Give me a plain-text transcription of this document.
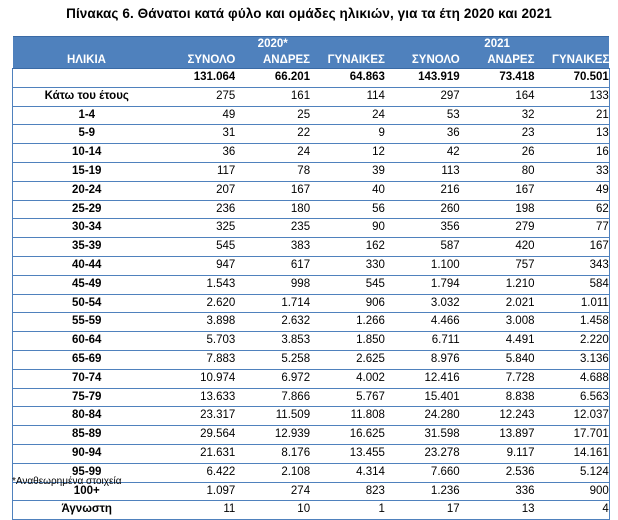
Πίνακας 6. Θάνατοι κατά φύλο και ομάδες ηλικιών, για τα έτη 2020 και 2021
	2020*			2021		
ΗΛΙΚΙΑ	ΣΥΝΟΛΟ	ΑΝΔΡΕΣ	ΓΥΝΑΙΚΕΣ	ΣΥΝΟΛΟ	ΑΝΔΡΕΣ	ΓΥΝΑΙΚΕΣ
	131.064	66.201	64.863	143.919	73.418	70.501
Κάτω του έτους	275	161	114	297	164	133
1-4	49	25	24	53	32	21
5-9	31	22	9	36	23	13
10-14	36	24	12	42	26	16
15-19	117	78	39	113	80	33
20-24	207	167	40	216	167	49
25-29	236	180	56	260	198	62
30-34	325	235	90	356	279	77
35-39	545	383	162	587	420	167
40-44	947	617	330	1.100	757	343
45-49	1.543	998	545	1.794	1.210	584
50-54	2.620	1.714	906	3.032	2.021	1.011
55-59	3.898	2.632	1.266	4.466	3.008	1.458
60-64	5.703	3.853	1.850	6.711	4.491	2.220
65-69	7.883	5.258	2.625	8.976	5.840	3.136
70-74	10.974	6.972	4.002	12.416	7.728	4.688
75-79	13.633	7.866	5.767	15.401	8.838	6.563
80-84	23.317	11.509	11.808	24.280	12.243	12.037
85-89	29.564	12.939	16.625	31.598	13.897	17.701
90-94	21.631	8.176	13.455	23.278	9.117	14.161
95-99	6.422	2.108	4.314	7.660	2.536	5.124
100+	1.097	274	823	1.236	336	900
Άγνωστη	11	10	1	17	13	4
*Αναθεωρημένα στοιχεία
